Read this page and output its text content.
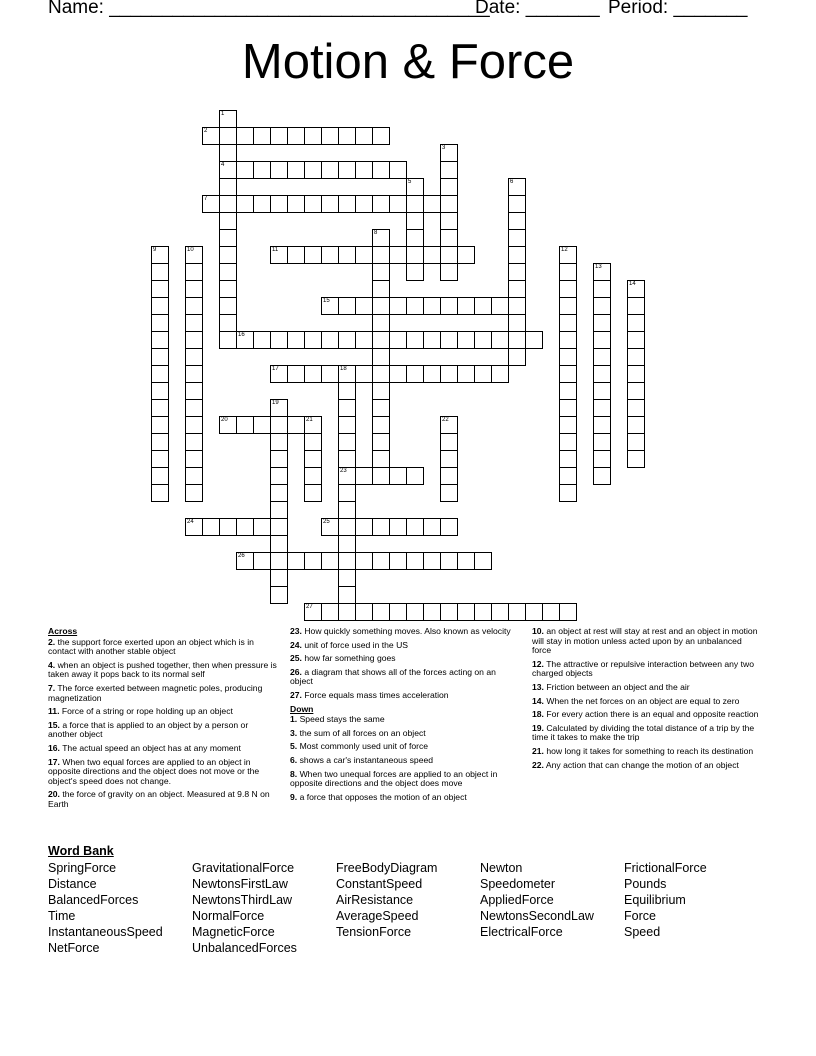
Name: ____________________________________
Date: _______ Period: _______
Motion & Force
1
4
2
3
5	6
7
8
9	10	11	12
13
14
15
16
17	18
23
19
20	21	22
24	25
26
27

Across

2. the support force exerted upon an object which is in contact with another stable object

4. when an object is pushed together, then when pressure is taken away it pops back to its normal self

7. The force exerted between magnetic poles, producing magnetization

11. Force of a string or rope holding up an object

15. a force that is applied to an object by a person or another object

16. The actual speed an object has at any moment

17. When two equal forces are applied to an object in opposite directions and the object does not move or the object's speed does not change.

20. the force of gravity on an object. Measured at 9.8 N on Earth

23. How quickly something moves. Also known as velocity

24. unit of force used in the US

25. how far something goes

26. a diagram that shows all of the forces acting on an object

27. Force equals mass times acceleration

Down

1. Speed stays the same

3. the sum of all forces on an object

5. Most commonly used unit of force

6. shows a car's instantaneous speed

8. When two unequal forces are applied to an object in opposite directions and the object does move

9. a force that opposes the motion of an object

10. an object at rest will stay at rest and an object in motion will stay in motion unless acted upon by an unbalanced force

12. The attractive or repulsive interaction between any two charged objects

13. Friction between an object and the air

14. When the net forces on an object are equal to zero

18. For every action there is an equal and opposite reaction

19. Calculated by dividing the total distance of a trip by the time it takes to make the trip

21. how long it takes for something to reach its destination

22. Any action that can change the motion of an object

Word Bank
SpringForce
Distance
BalancedForces
Time
InstantaneousSpeed
NetForce
GravitationalForce
NewtonsFirstLaw
NewtonsThirdLaw
NormalForce
MagneticForce
UnbalancedForces
FreeBodyDiagram
ConstantSpeed
AirResistance
AverageSpeed
TensionForce
Newton
Speedometer
AppliedForce
NewtonsSecondLaw
ElectricalForce
FrictionalForce
Pounds
Equilibrium
Force
Speed
